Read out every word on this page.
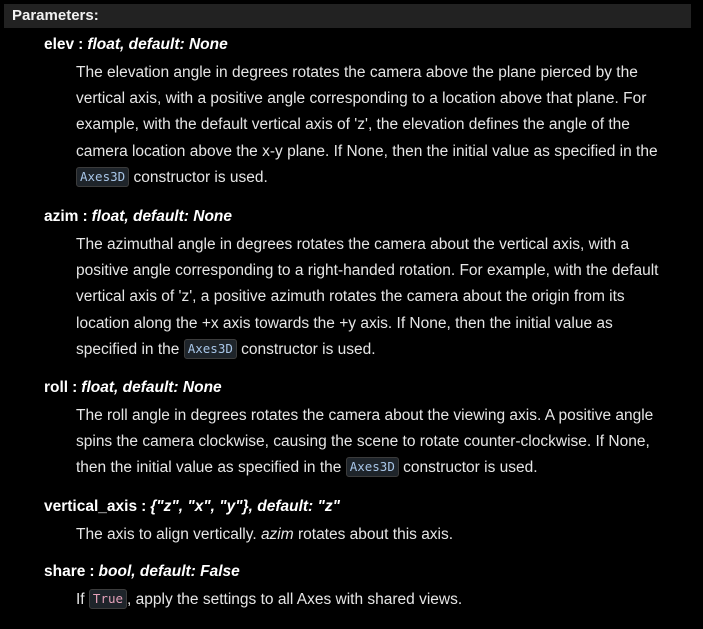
Parameters:
elev : float, default: None
The elevation angle in degrees rotates the camera above the plane pierced by the
vertical axis, with a positive angle corresponding to a location above that plane. For
example, with the default vertical axis of 'z', the elevation defines the angle of the
camera location above the x-y plane. If None, then the initial value as specified in the
Axes3D constructor is used.
azim : float, default: None
The azimuthal angle in degrees rotates the camera about the vertical axis, with a
positive angle corresponding to a right-handed rotation. For example, with the default
vertical axis of 'z', a positive azimuth rotates the camera about the origin from its
location along the +x axis towards the +y axis. If None, then the initial value as
specified in the Axes3D constructor is used.
roll : float, default: None
The roll angle in degrees rotates the camera about the viewing axis. A positive angle
spins the camera clockwise, causing the scene to rotate counter-clockwise. If None,
then the initial value as specified in the Axes3D constructor is used.
vertical_axis : {"z", "x", "y"}, default: "z"
The axis to align vertically. azim rotates about this axis.
share : bool, default: False
If True , apply the settings to all Axes with shared views.
